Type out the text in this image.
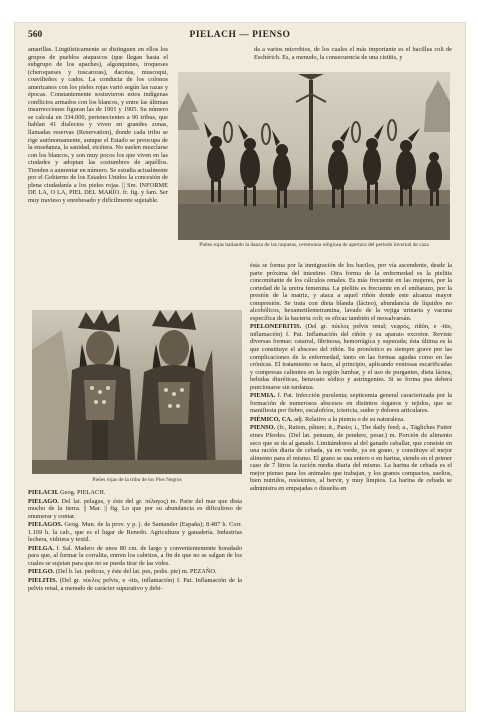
560	PIELACH — PIENSO

amarillas. Lingüísticamente se distinguen en ellos los grupos de pueblos atapascos (que llegan hasta el subgrupo de los apaches), algonquines, iroqueses (cheroqueses y tuscaroras), dacotas, muscoqui, coavilteños y cados. La conducta de los colonos americanos con los pieles rojas varió según las razas y épocas. Constantemente sostuvieron estos indígenas conflictos armados con los blancos, y entre las últimas insurrecciones figuran las de 1901 y 1905. Su número se calcula en 334.000, pertenecientes a 96 tribus, que hablan 41 dialectos y viven en grandes zonas, llamadas reservas (Reservation), donde cada tribu se rige autónomamente, aunque el Estado se preocupa de la enseñanza, la sanidad, etcétera. No suelen mezclarse con los blancos, y son muy pocos los que viven en las ciudades y adoptan las costumbres de aquéllos. Tienden a aumentar en número. Se estudia actualmente por el Gobierno de los Estados Unidos la concesión de plena ciudadanía a los pieles rojas. || Sm. INFORME DE LA, O LA, PIEL DEL MARÍO. fr. fig. y fam. Ser muy travieso y enrebesado y difícilmente sujetable.

da a varios microbios, de los cuales el más importante es el bacillus coli de Eschérich. Es, a menudo, la consecuencia de una cistitis, y

Pieles rojas bailando la danza de las raquetas, ceremonia religiosa de apertura del periodo invernal de caza
Pieles rojas de la tribu de los Pies Negros

PIELACH. Geog. PIELACH.

PIELAGO. Del lat. pelagus, y éste del gr. πέλαγος) m. Parte del mar que dista mucho de la tierra. || Mar. || fig. Lo que por su abundancia es dificultoso de enumerar y contar.

PIELAGOS. Geog. Mun. de la prov. y p. j. de Santander (España); 8.487 h. Corr. 1.169 h. la cab., que es el lugar de Renedo. Agricultura y ganadería. Industrias lechera, vidriera y textil.

PIELGA. f. Sal. Madero de unos 80 cm. de largo y convenientemente horadado para que, al formar la corralita, entren los cabritos, a fin de que no se salgan de los cuales se sujetan para que no se pueda tirar de las vides.

PIELGO. (Del b. lat. pedicus, y éste del lat. pes, pedis. pie) m. PEZAÑO.

PIELITIS. (Del gr. πύελος pelvis, e -itis, inflamación) f. Pat. Inflamación de la pelvis renal, a menudo de carácter supurativo y debi-

ésta se forma por la inmigración de los bacilos, por vía ascendente, desde la parte próxima del intestino. Otra forma de la enfermedad es la pielitis concomitante de los cálculos renales. Es más frecuente en las mujeres, por la cortedad de la uretra femenina. La pielitis es frecuente en el embarazo, por la presión de la matriz, y ataca a aquel riñón donde este alcanza mayor compresión. Se trata con dieta blanda (lácteo), abundancia de líquidos no alcohólicos, hexametilentetramina, lavado de la vejiga urinaria y vacuna específica de la bacteria coli; es eficaz también el neosalvarsán.

PIELONEFRITIS. (Del gr. πύελος pelvis renal; νεφρός, riñón, e -itis, inflamación) f. Pat. Inflamación del riñón y su aparato excretor. Reviste diversas formas: catarral, fibrinosa, hemorrágica y supurada; ésta última es la que constituye el absceso del riñón. Su pronóstico es siempre grave por las complicaciones de la enfermedad, tanto en las formas agudas como en las crónicas. El tratamiento se hace, al principio, aplicando ventosas escarificadas y compresas calientes en la región lumbar, y el uso de purgantes, dieta láctea, bebidas diuréticas, benzoato sódico y astringentes. Si se forma pus deberá puncionarse sin tardanza.

PIEMIA. f. Pat. Infección purulenta; septicemia general caracterizada por la formación de numerosos abscesos en distintos órganos y tejidos, que se manifiesta por fiebre, escalofríos, ictericia, sudor y dolores articulares.

PIÉMICO, CA. adj. Relativo a la piemia o de su naturaleza.

PIENSO. (fr., Ration, pâture; it., Pasto; i., The daily feed; a., Tägliches Futter eines Pferdes. (Del lat. pensum, de pendere, pesar.) m. Porción de alimento seco que se da al ganado. Limitándonos al del ganado caballar, que consiste en una ración diaria de cebada, ya en verde, ya en grano, y constituye el mejor alimento para el mismo. El grano se usa entero o en harina, siendo en el primer caso de 7 litros la ración media diaria del mismo. La harina de cebada es el mejor pienso para los animales que trabajan, y los granos compactos, sueltos, bien nutridos, resistentes, al hervir, y muy limpios. La harina de cebada se administra en empajadas o disuelta en
